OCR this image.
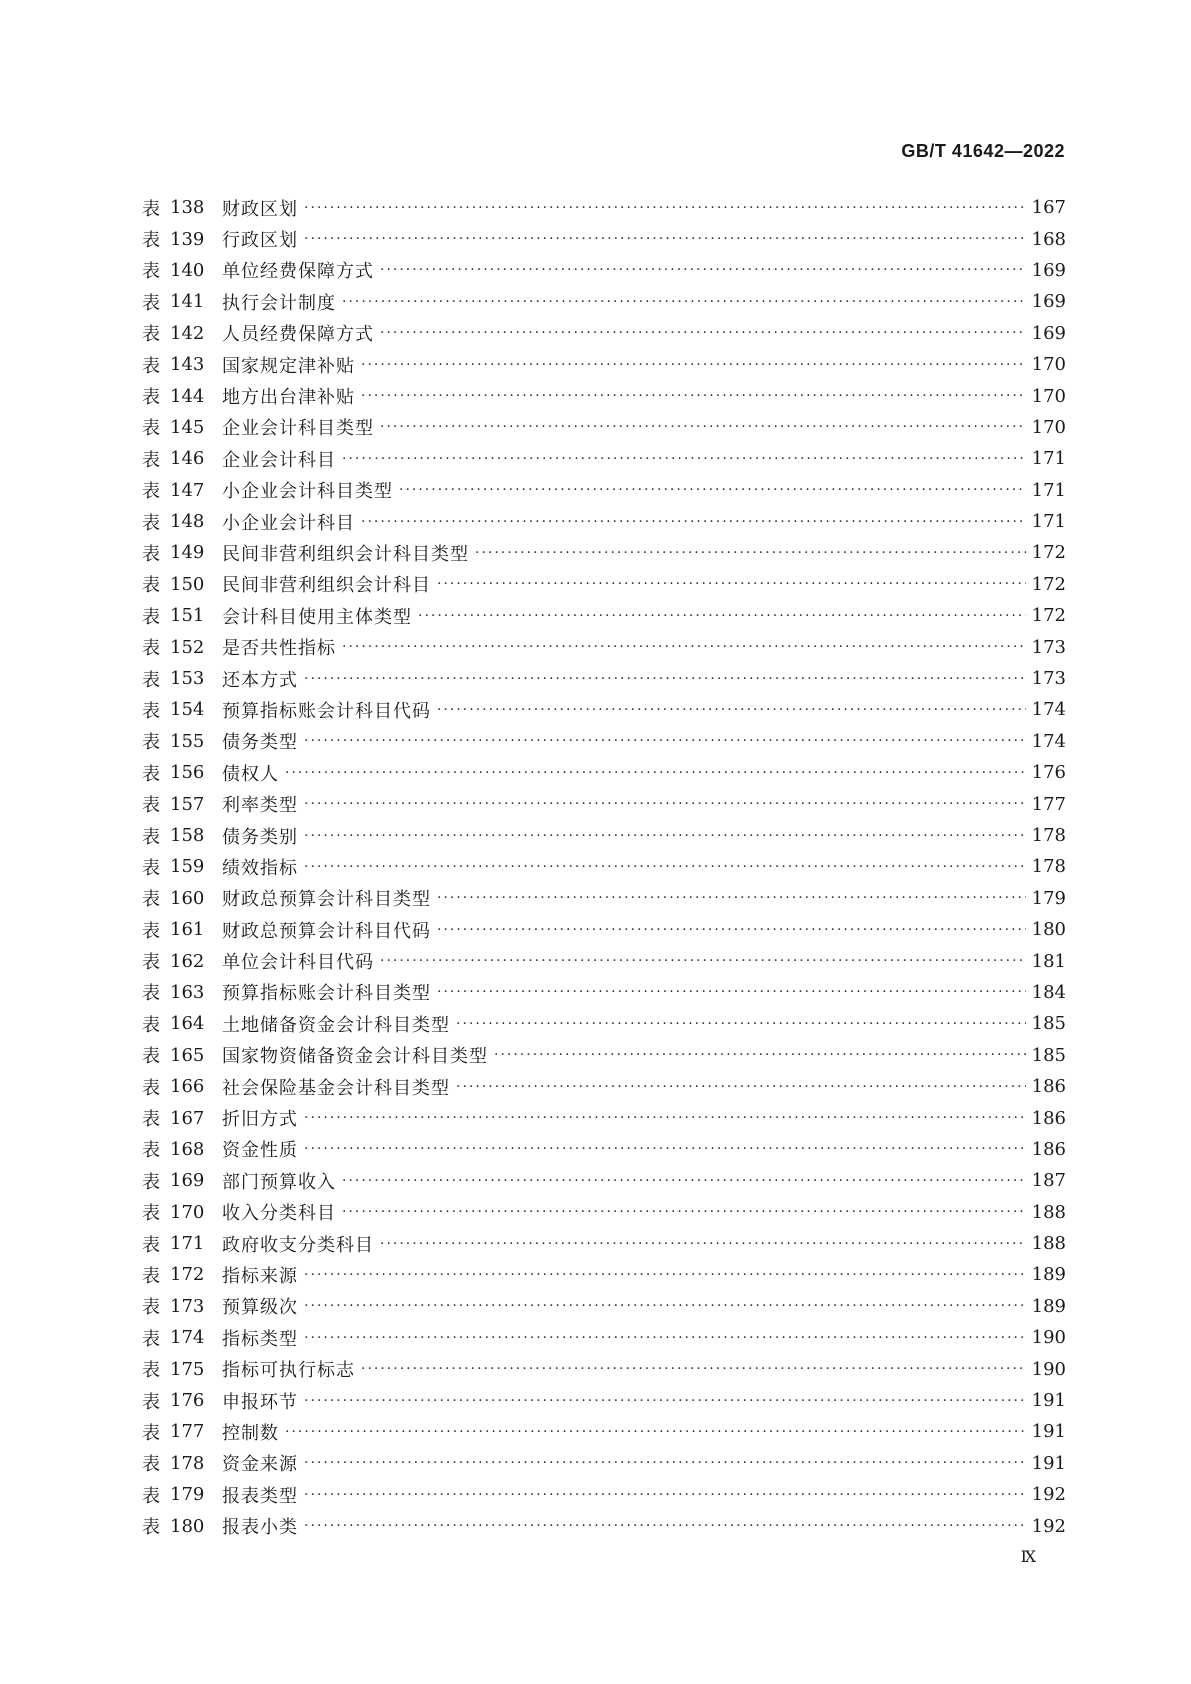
GB/T 41642—2022
表 138 财政区划 ·····	167
表 139 行政区划 ·····	168
表 140 单位经费保障方式 ·····	169
表 141 执行会计制度 ·····	169
表 142 人员经费保障方式 ·····	169
表 143 国家规定津补贴 ·····	170
表 144 地方出台津补贴 ·····	170
表 145 企业会计科目类型 ·····	170
表 146 企业会计科目 ·····	171
表 147 小企业会计科目类型 ·····	171
表 148 小企业会计科目 ·····	171
表 149 民间非营利组织会计科目类型 ·····	172
表 150 民间非营利组织会计科目 ·····	172
表 151 会计科目使用主体类型 ·····	172
表 152 是否共性指标 ·····	173
表 153 还本方式 ·····	173
表 154 预算指标账会计科目代码 ·····	174
表 155 债务类型 ·····	174
表 156 债权人 ·····	176
表 157 利率类型 ·····	177
表 158 债务类别 ·····	178
表 159 绩效指标 ·····	178
表 160 财政总预算会计科目类型 ·····	179
表 161 财政总预算会计科目代码 ·····	180
表 162 单位会计科目代码 ·····	181
表 163 预算指标账会计科目类型 ·····	184
表 164 土地储备资金会计科目类型 ·····	185
表 165 国家物资储备资金会计科目类型 ·····	185
表 166 社会保险基金会计科目类型 ·····	186
表 167 折旧方式 ·····	186
表 168 资金性质 ·····	186
表 169 部门预算收入 ·····	187
表 170 收入分类科目 ·····	188
表 171 政府收支分类科目 ·····	188
表 172 指标来源 ·····	189
表 173 预算级次 ·····	189
表 174 指标类型 ·····	190
表 175 指标可执行标志 ·····	190
表 176 申报环节 ·····	191
表 177 控制数 ·····	191
表 178 资金来源 ·····	191
表 179 报表类型 ·····	192
表 180 报表小类 ·····	192
Ⅸ
